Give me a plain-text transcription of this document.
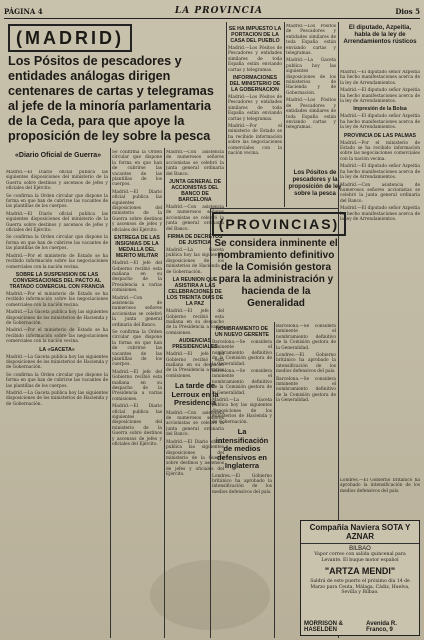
PÁGINA 4	LA PROVINCIA	Dios 5
(MADRID)
Los Pósitos de pescadores y entidades análogas dirigen centenares de cartas y telegramas al jefe de la minoría parlamentaria de la Ceda, para que apoye la proposición de ley sobre la pesca
«Diario Oficial de Guerra»

Madrid.—El Diario oficial publica las siguientes disposiciones del ministerio de la Guerra sobre destinos y ascensos de jefes y oficiales del Ejército.

Se confirma la Orden circular que dispone la forma en que han de cubrirse las vacantes de las plantillas de los cuerpos.

Madrid.—El Diario oficial publica las siguientes disposiciones del ministerio de la Guerra sobre destinos y ascensos de jefes y oficiales del Ejército.

Se confirma la Orden circular que dispone la forma en que han de cubrirse las vacantes de las plantillas de los cuerpos.

Madrid.—Por el ministerio de Estado se ha recibido información sobre las negociaciones comerciales con la nación vecina.

SOBRE LA SUSPENSION DE LAS CONVERSACIONES DEL PACTO AL TRATADO COMERCIAL CON FRANCIA

Madrid.—Por el ministerio de Estado se ha recibido información sobre las negociaciones comerciales con la nación vecina.

Madrid.—La Gaceta publica hoy las siguientes disposiciones de los ministerios de Hacienda y de Gobernación.

Madrid.—Por el ministerio de Estado se ha recibido información sobre las negociaciones comerciales con la nación vecina.

LA «GACETA»

Madrid.—La Gaceta publica hoy las siguientes disposiciones de los ministerios de Hacienda y de Gobernación.

Se confirma la Orden circular que dispone la forma en que han de cubrirse las vacantes de las plantillas de los cuerpos.

Madrid.—La Gaceta publica hoy las siguientes disposiciones de los ministerios de Hacienda y de Gobernación.

Se confirma la Orden circular que dispone la forma en que han de cubrirse las vacantes de las plantillas de los cuerpos.

Madrid.—El Diario oficial publica las siguientes disposiciones del ministerio de la Guerra sobre destinos y ascensos de jefes y oficiales del Ejército.

ENTREGA DE LAS INSIGNIAS DE LA MEDALLA DEL MERITO MILITAR

Madrid.—El jefe del Gobierno recibió esta mañana en su despacho de la Presidencia a varias comisiones.

Madrid.—Con asistencia de numerosos señores accionistas se celebró la junta general ordinaria del Banco.

Se confirma la Orden circular que dispone la forma en que han de cubrirse las vacantes de las plantillas de los cuerpos.

Madrid.—El jefe del Gobierno recibió esta mañana en su despacho de la Presidencia a varias comisiones.

Madrid.—El Diario oficial publica las siguientes disposiciones del ministerio de la Guerra sobre destinos y ascensos de jefes y oficiales del Ejército.

Madrid.—Con asistencia de numerosos señores accionistas se celebró la junta general ordinaria del Banco.

JUNTA GENERAL DE ACCIONISTAS DEL BANCO DE BARCELONA

Madrid.—Con asistencia de numerosos señores accionistas se celebró la junta general ordinaria del Banco.

FIRMA DE DECRETOS DE JUSTICIA

Madrid.—La Gaceta publica hoy las siguientes disposiciones de los ministerios de Hacienda y de Gobernación.

LA REUNION QUE ASISTIRA A LAS CELEBRACIONES DE LOS TREINTA DIAS DE LA PAZ

Madrid.—El jefe del Gobierno recibió esta mañana en su despacho de la Presidencia a varias comisiones.

AUDIENCIAS PRESIDENCIALES

Madrid.—El jefe del Gobierno recibió esta mañana en su despacho de la Presidencia a varias comisiones.

La tarde de Lerroux en la Presidencia

Madrid.—Con asistencia de numerosos señores accionistas se celebró la junta general ordinaria del Banco.

Madrid.—El Diario oficial publica las siguientes disposiciones del ministerio de la Guerra sobre destinos y ascensos de jefes y oficiales del Ejército.

SE HA IMPUESTO LA PORTACION DE LA CASA DEL PUEBLO

Madrid.—Los Pósitos de Pescadores y entidades similares de toda España están enviando cartas y telegramas.

INFORMACIONES DEL MINISTERIO DE LA GOBERNACION

Madrid.—Los Pósitos de Pescadores y entidades similares de toda España están enviando cartas y telegramas.

Madrid.—Por el ministerio de Estado se ha recibido información sobre las negociaciones comerciales con la nación vecina.

Madrid.—Los Pósitos de Pescadores y entidades similares de toda España están enviando cartas y telegramas.

Madrid.—La Gaceta publica hoy las siguientes disposiciones de los ministerios de Hacienda y de Gobernación.

Madrid.—Los Pósitos de Pescadores y entidades similares de toda España están enviando cartas y telegramas.

Los Pósitos de pescadores y la proposición de ley sobre la pesca
El diputado, Azpeitia, habla de la ley de Arrendamientos rústicos

Madrid.—El diputado señor Azpeitia ha hecho manifestaciones acerca de la ley de Arrendamientos.

Madrid.—El diputado señor Azpeitia ha hecho manifestaciones acerca de la ley de Arrendamientos.

Impresión de la Bolsa

Madrid.—El diputado señor Azpeitia ha hecho manifestaciones acerca de la ley de Arrendamientos.

PROVINCIA DE LAS PALMAS

Madrid.—Por el ministerio de Estado se ha recibido información sobre las negociaciones comerciales con la nación vecina.

Madrid.—El diputado señor Azpeitia ha hecho manifestaciones acerca de la ley de Arrendamientos.

Madrid.—Con asistencia de numerosos señores accionistas se celebró la junta general ordinaria del Banco.

Madrid.—El diputado señor Azpeitia ha hecho manifestaciones acerca de la ley de Arrendamientos.

(PROVINCIAS)
Se considera inminente el nombramiento definitivo de la Comisión gestora para la administración y hacienda de la Generalidad
NOMBRAMIENTO DE UN NUEVO GERENTE

Barcelona.—Se considera inminente el nombramiento definitivo de la Comisión gestora de la Generalidad.

Barcelona.—Se considera inminente el nombramiento definitivo de la Comisión gestora de la Generalidad.

Madrid.—La Gaceta publica hoy las siguientes disposiciones de los ministerios de Hacienda y de Gobernación.

La intensificación de medios defensivos en Inglaterra

Londres.—El Gobierno británico ha aprobado la intensificación de los medios defensivos del país.

Barcelona.—Se considera inminente el nombramiento definitivo de la Comisión gestora de la Generalidad.

Londres.—El Gobierno británico ha aprobado la intensificación de los medios defensivos del país.

Barcelona.—Se considera inminente el nombramiento definitivo de la Comisión gestora de la Generalidad.

Londres.—El Gobierno británico ha aprobado la intensificación de los medios defensivos del país.

Compañía Naviera SOTA Y AZNAR
BILBAO
Vapor correo con salida quincenal para Levante. El buque motor español
"ARTZA MENDI"
Saldrá de este puerto el próximo día 14 de Marzo para Ceuta, Málaga, Cádiz, Huelva, Sevilla y Bilbao.
MORRISON & HASELDEN
Avenida R. Franco, 9
